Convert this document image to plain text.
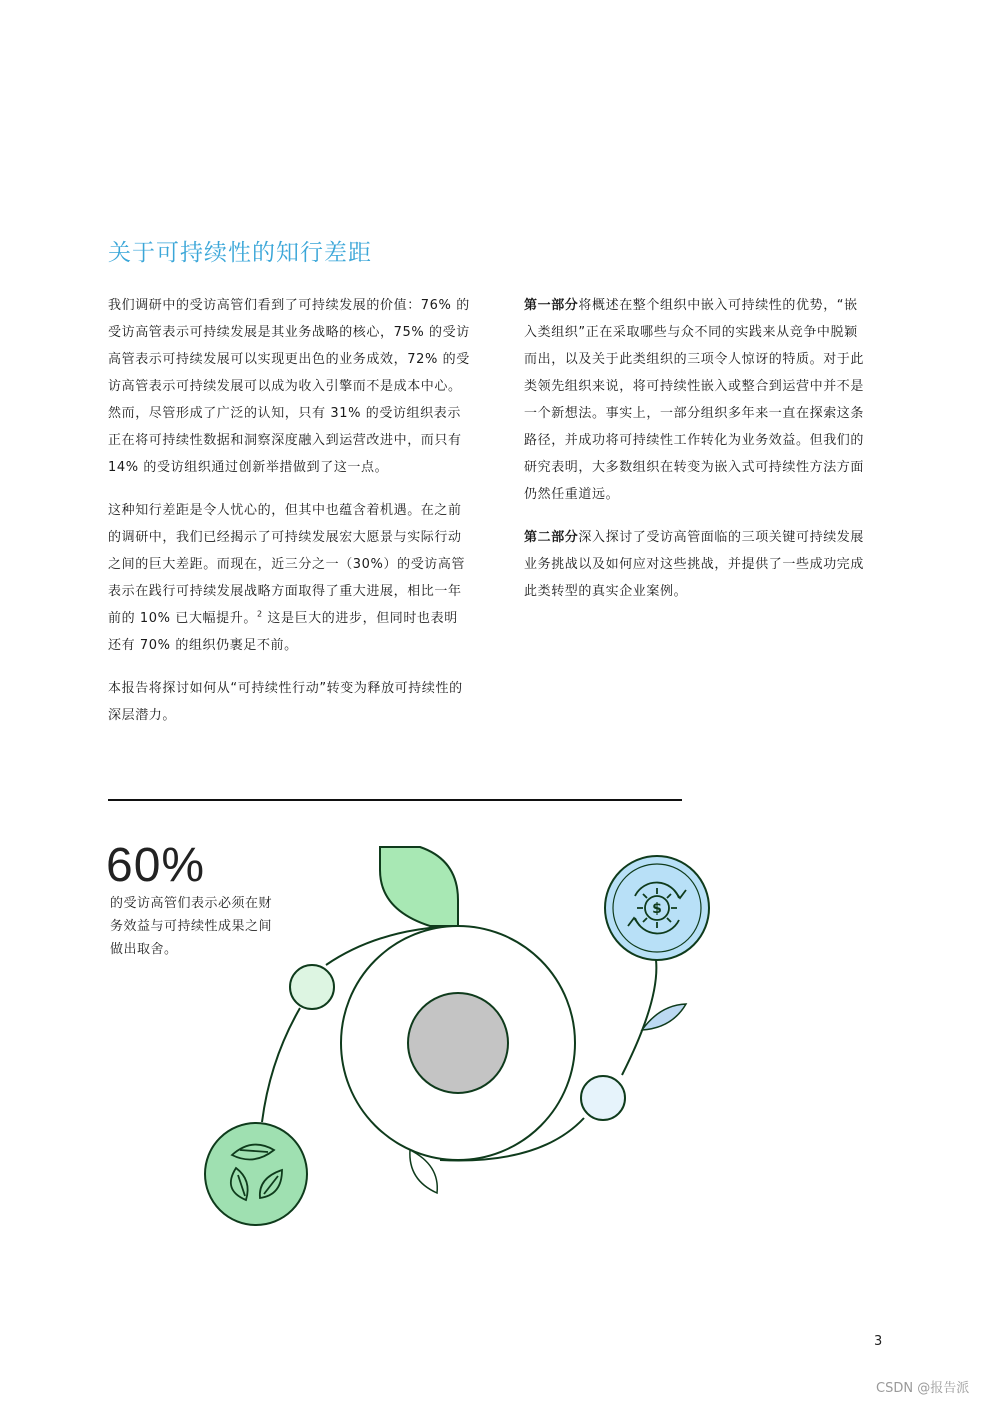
关于可持续性的知行差距

我们调研中的受访高管们看到了可持续发展的价值：76% 的受访高管表示可持续发展是其业务战略的核心，75% 的受访高管表示可持续发展可以实现更出色的业务成效，72% 的受访高管表示可持续发展可以成为收入引擎而不是成本中心。然而，尽管形成了广泛的认知，只有 31% 的受访组织表示正在将可持续性数据和洞察深度融入到运营改进中，而只有 14% 的受访组织通过创新举措做到了这一点。

这种知行差距是令人忧心的，但其中也蕴含着机遇。在之前的调研中，我们已经揭示了可持续发展宏大愿景与实际行动之间的巨大差距。而现在，近三分之一（30%）的受访高管表示在践行可持续发展战略方面取得了重大进展，相比一年前的 10% 已大幅提升。$^2$ 这是巨大的进步，但同时也表明还有 70% 的组织仍裹足不前。

本报告将探讨如何从“可持续性行动”转变为释放可持续性的深层潜力。

第一部分将概述在整个组织中嵌入可持续性的优势，“嵌入类组织”正在采取哪些与众不同的实践来从竞争中脱颖而出，以及关于此类组织的三项令人惊讶的特质。对于此类领先组织来说，将可持续性嵌入或整合到运营中并不是一个新想法。事实上，一部分组织多年来一直在探索这条路径，并成功将可持续性工作转化为业务效益。但我们的研究表明，大多数组织在转变为嵌入式可持续性方法方面仍然任重道远。

第二部分深入探讨了受访高管面临的三项关键可持续发展业务挑战以及如何应对这些挑战，并提供了一些成功完成此类转型的真实企业案例。

60%
的受访高管们表示必须在财务效益与可持续性成果之间做出取舍。
$
3
CSDN @报告派
